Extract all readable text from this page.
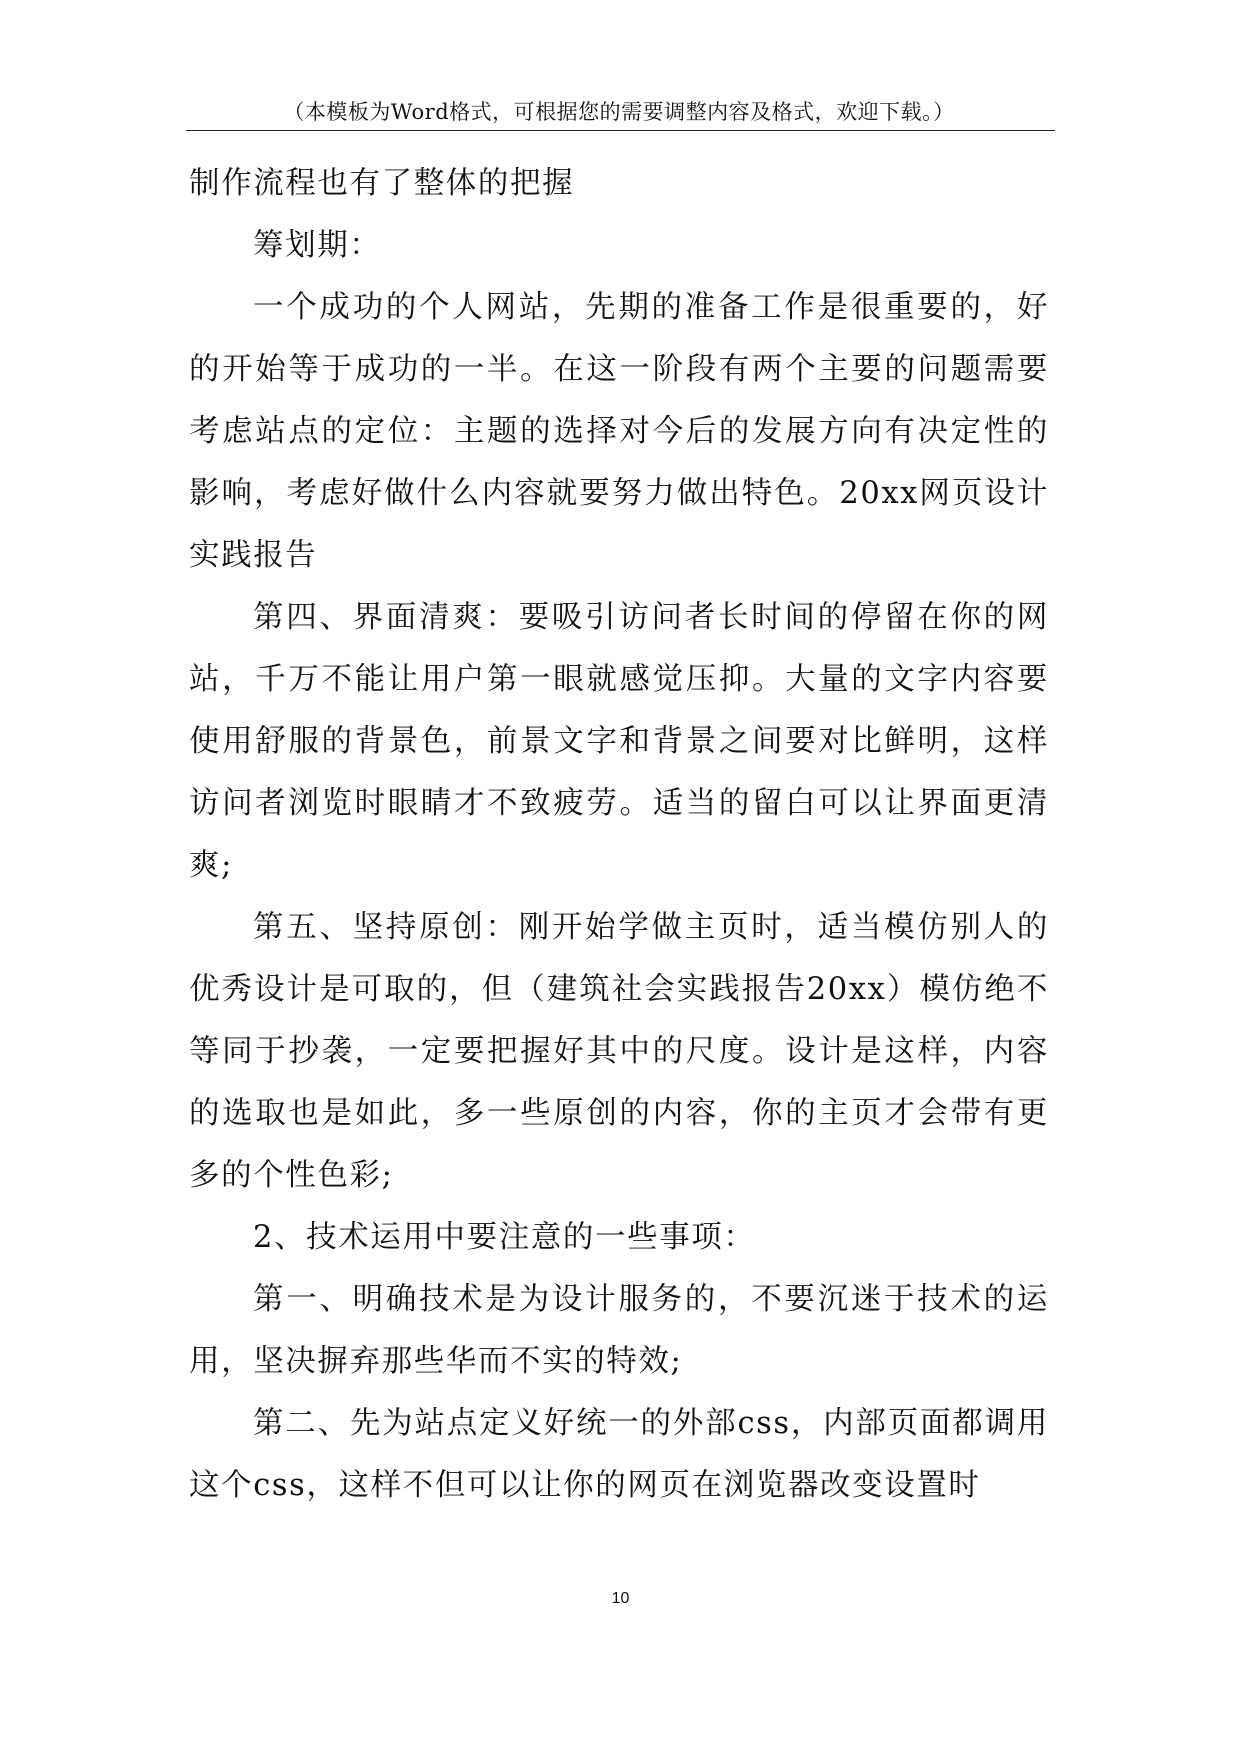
（本模板为Word格式，可根据您的需要调整内容及格式，欢迎下载。）

制作流程也有了整体的把握

筹划期：

一个成功的个人网站，先期的准备工作是很重要的，好的开始等于成功的一半。在这一阶段有两个主要的问题需要考虑站点的定位：主题的选择对今后的发展方向有决定性的影响，考虑好做什么内容就要努力做出特色。20xx网页设计实践报告

第四、界面清爽：要吸引访问者长时间的停留在你的网站，千万不能让用户第一眼就感觉压抑。大量的文字内容要使用舒服的背景色，前景文字和背景之间要对比鲜明，这样访问者浏览时眼睛才不致疲劳。适当的留白可以让界面更清爽;

第五、坚持原创：刚开始学做主页时，适当模仿别人的优秀设计是可取的，但（建筑社会实践报告20xx）模仿绝不等同于抄袭，一定要把握好其中的尺度。设计是这样，内容的选取也是如此，多一些原创的内容，你的主页才会带有更多的个性色彩;

2、技术运用中要注意的一些事项：

第一、明确技术是为设计服务的，不要沉迷于技术的运用，坚决摒弃那些华而不实的特效;

第二、先为站点定义好统一的外部css，内部页面都调用这个css，这样不但可以让你的网页在浏览器改变设置时

10
